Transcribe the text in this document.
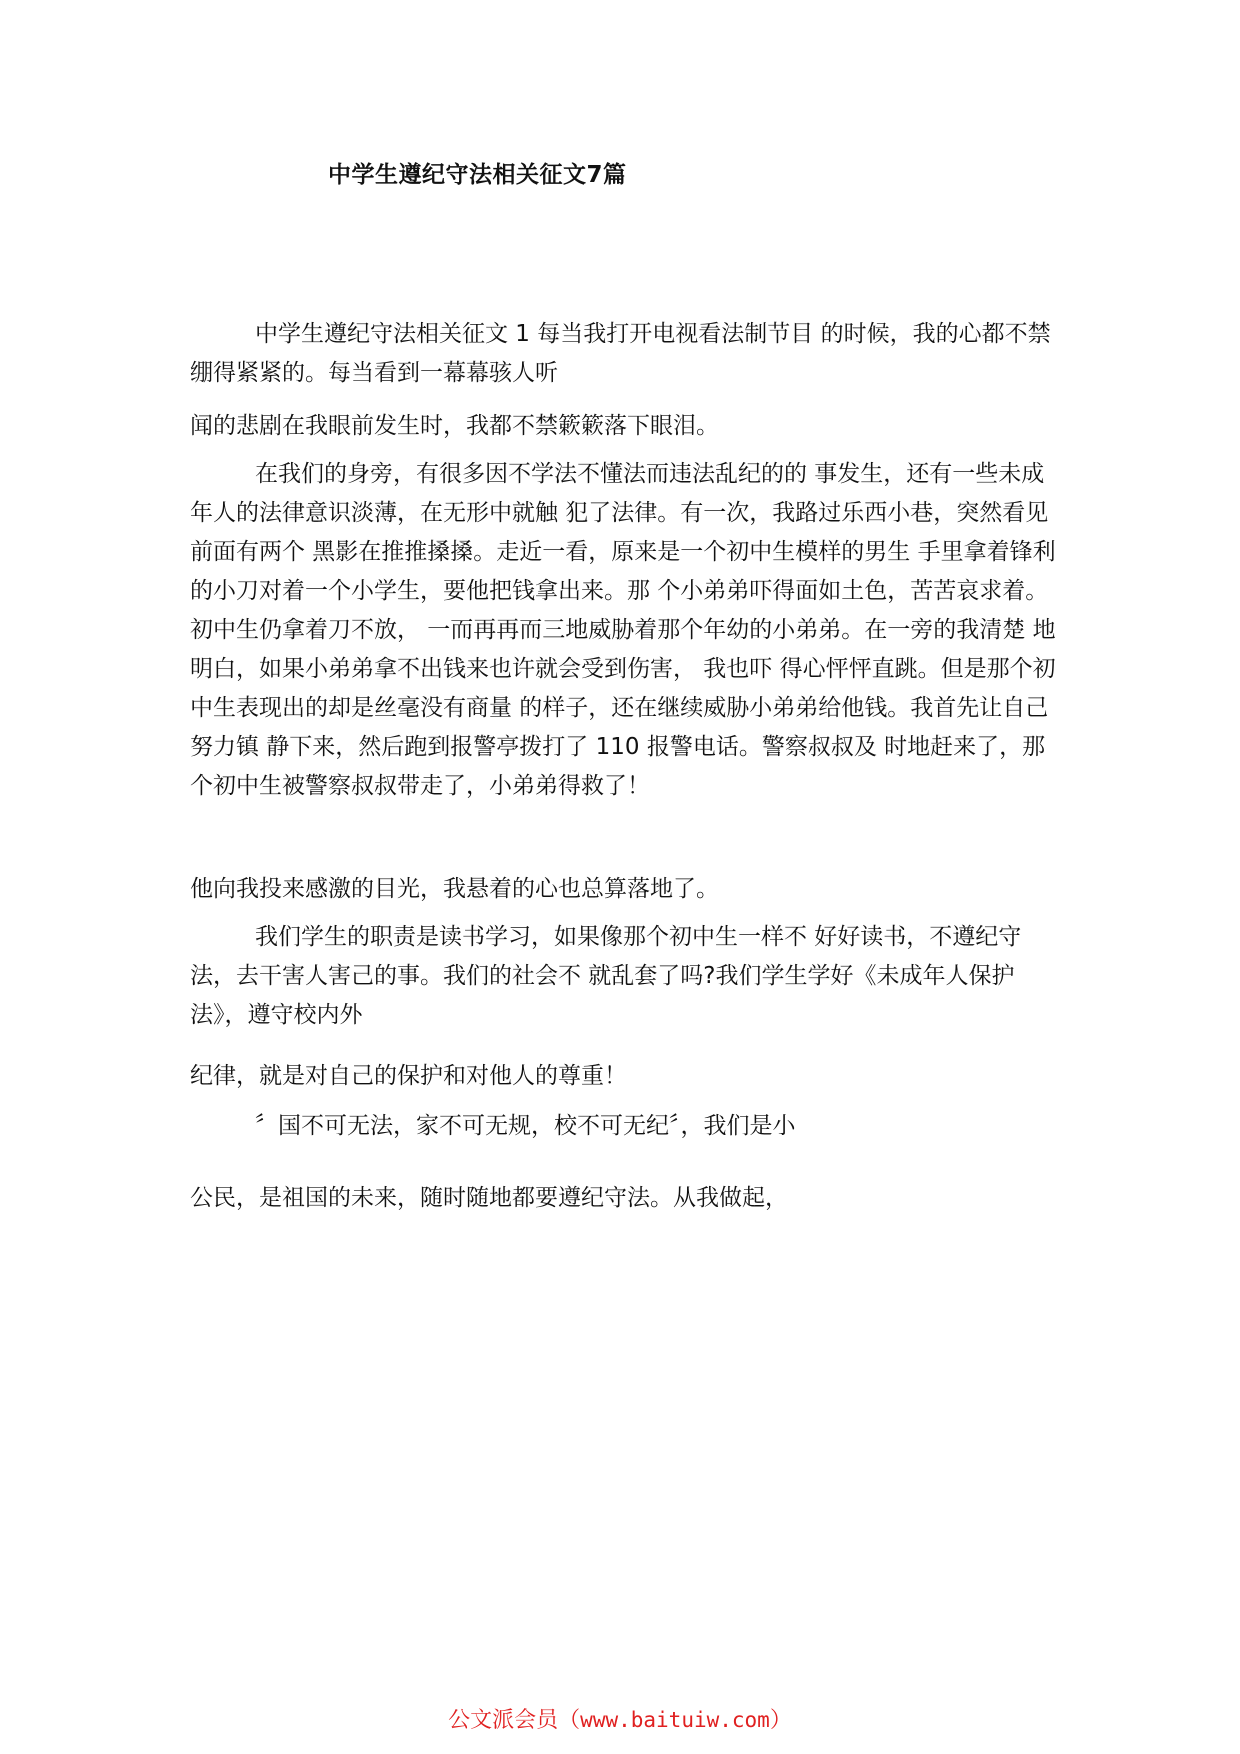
中学生遵纪守法相关征文7篇

中学生遵纪守法相关征文 1 每当我打开电视看法制节目 的时候，我的心都不禁绷得紧紧的。每当看到一幕幕骇人听

闻的悲剧在我眼前发生时，我都不禁簌簌落下眼泪。

在我们的身旁，有很多因不学法不懂法而违法乱纪的的 事发生，还有一些未成年人的法律意识淡薄，在无形中就触 犯了法律。有一次，我路过乐西小巷，突然看见前面有两个 黑影在推推搡搡。走近一看，原来是一个初中生模样的男生 手里拿着锋利的小刀对着一个小学生，要他把钱拿出来。那 个小弟弟吓得面如土色，苦苦哀求着。初中生仍拿着刀不放， 一而再再而三地威胁着那个年幼的小弟弟。在一旁的我清楚 地明白，如果小弟弟拿不出钱来也许就会受到伤害， 我也吓 得心怦怦直跳。但是那个初中生表现出的却是丝毫没有商量 的样子，还在继续威胁小弟弟给他钱。我首先让自己努力镇 静下来，然后跑到报警亭拨打了 110 报警电话。警察叔叔及 时地赶来了，那个初中生被警察叔叔带走了，小弟弟得救了！

他向我投来感激的目光，我悬着的心也总算落地了。

我们学生的职责是读书学习，如果像那个初中生一样不 好好读书，不遵纪守法，去干害人害己的事。我们的社会不 就乱套了吗?我们学生学好《未成年人保护法》，遵守校内外

纪律，就是对自己的保护和对他人的尊重！

〞国不可无法，家不可无规，校不可无纪〞，我们是小

公民，是祖国的未来，随时随地都要遵纪守法。从我做起，

公文派会员（www.baituiw.com）
